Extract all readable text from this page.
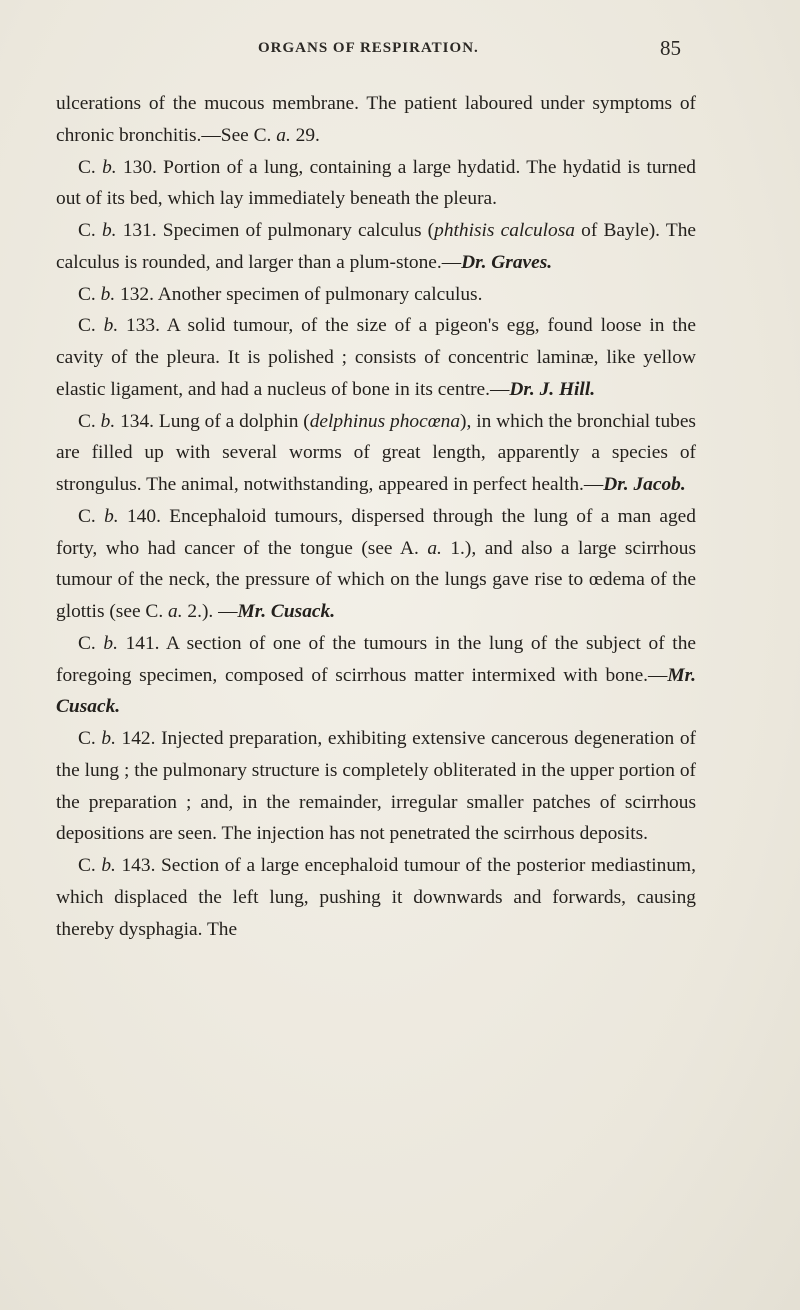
ORGANS OF RESPIRATION.	85

ulcerations of the mucous membrane. The patient laboured under symptoms of chronic bronchitis.—See C. a. 29.

C. b. 130. Portion of a lung, containing a large hydatid. The hydatid is turned out of its bed, which lay immediately beneath the pleura.

C. b. 131. Specimen of pulmonary calculus (phthisis calculosa of Bayle). The calculus is rounded, and larger than a plum-stone.—Dr. Graves.

C. b. 132. Another specimen of pulmonary calculus.

C. b. 133. A solid tumour, of the size of a pigeon's egg, found loose in the cavity of the pleura. It is polished ; consists of concentric laminæ, like yellow elastic ligament, and had a nucleus of bone in its centre.—Dr. J. Hill.

C. b. 134. Lung of a dolphin (delphinus phocœna), in which the bronchial tubes are filled up with several worms of great length, apparently a species of strongulus. The animal, notwithstanding, appeared in perfect health.—Dr. Jacob.

C. b. 140. Encephaloid tumours, dispersed through the lung of a man aged forty, who had cancer of the tongue (see A. a. 1.), and also a large scirrhous tumour of the neck, the pressure of which on the lungs gave rise to œdema of the glottis (see C. a. 2.). —Mr. Cusack.

C. b. 141. A section of one of the tumours in the lung of the subject of the foregoing specimen, composed of scirrhous matter intermixed with bone.—Mr. Cusack.

C. b. 142. Injected preparation, exhibiting extensive cancerous degeneration of the lung ; the pulmonary structure is completely obliterated in the upper portion of the preparation ; and, in the remainder, irregular smaller patches of scirrhous depositions are seen. The injection has not penetrated the scirrhous deposits.

C. b. 143. Section of a large encephaloid tumour of the posterior mediastinum, which displaced the left lung, pushing it downwards and forwards, causing thereby dysphagia. The
